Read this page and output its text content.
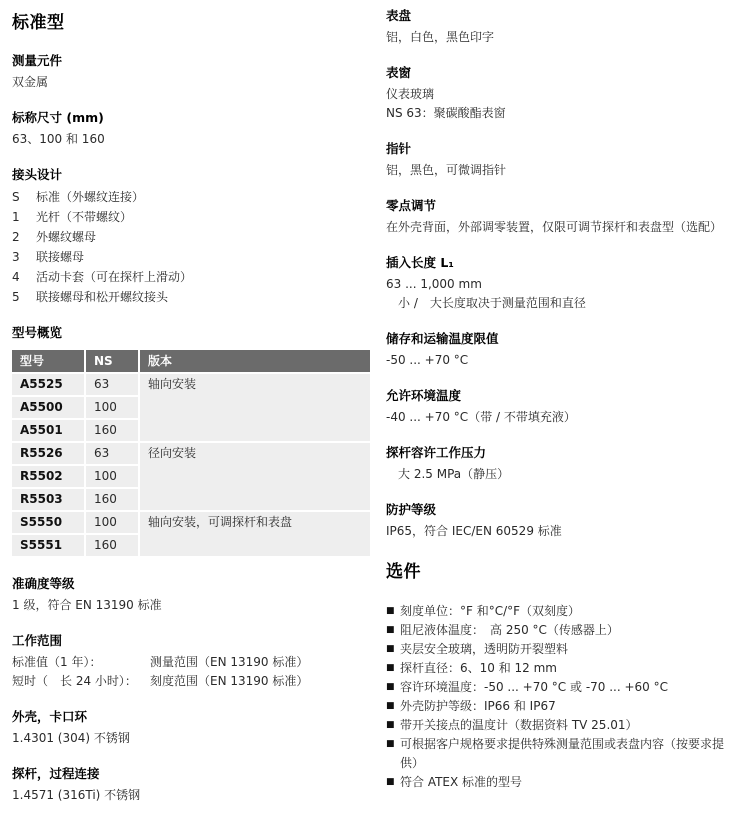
标准型
测量元件
双金属
标称尺寸 (mm)
63、100 和 160
接头设计
S	标准（外螺纹连接）
1	光杆（不带螺纹）
2	外螺纹螺母
3	联接螺母
4	活动卡套（可在探杆上滑动）
5	联接螺母和松开螺纹接头
型号概览
型号	NS	版本
A5525	63	轴向安装
A5500	100
A5501	160
R5526	63	径向安装
R5502	100
R5503	160
S5550	100	轴向安装，可调探杆和表盘
S5551	160
准确度等级
1 级，符合 EN 13190 标准
工作范围
标准值（1 年）：	测量范围（EN 13190 标准）
短时（　长 24 小时）：	刻度范围（EN 13190 标准）
外壳，卡口环
1.4301 (304) 不锈钢
探杆，过程连接
1.4571 (316Ti) 不锈钢
表盘
铝，白色，黑色印字
表窗
仪表玻璃
NS 63：聚碳酸酯表窗
指针
铝，黑色，可微调指针
零点调节
在外壳背面，外部调零装置，仅限可调节探杆和表盘型（选配）
插入长度 L₁
63 ... 1,000 mm
　小 /　大长度取决于测量范围和直径
储存和运输温度限值
-50 ... +70 °C
允许环境温度
-40 ... +70 °C（带 / 不带填充液）
探杆容许工作压力
　大 2.5 MPa（静压）
防护等级
IP65，符合 IEC/EN 60529 标准
选件
■ 刻度单位：°F 和°C/°F（双刻度）
■ 阻尼液体温度：　高 250 °C（传感器上）
■ 夹层安全玻璃，透明防开裂塑料
■ 探杆直径：6、10 和 12 mm
■ 容许环境温度：-50 ... +70 °C 或 -70 ... +60 °C
■ 外壳防护等级：IP66 和 IP67
■ 带开关接点的温度计（数据资料 TV 25.01）
■ 可根据客户规格要求提供特殊测量范围或表盘内容（按要求提供）
■ 符合 ATEX 标准的型号
